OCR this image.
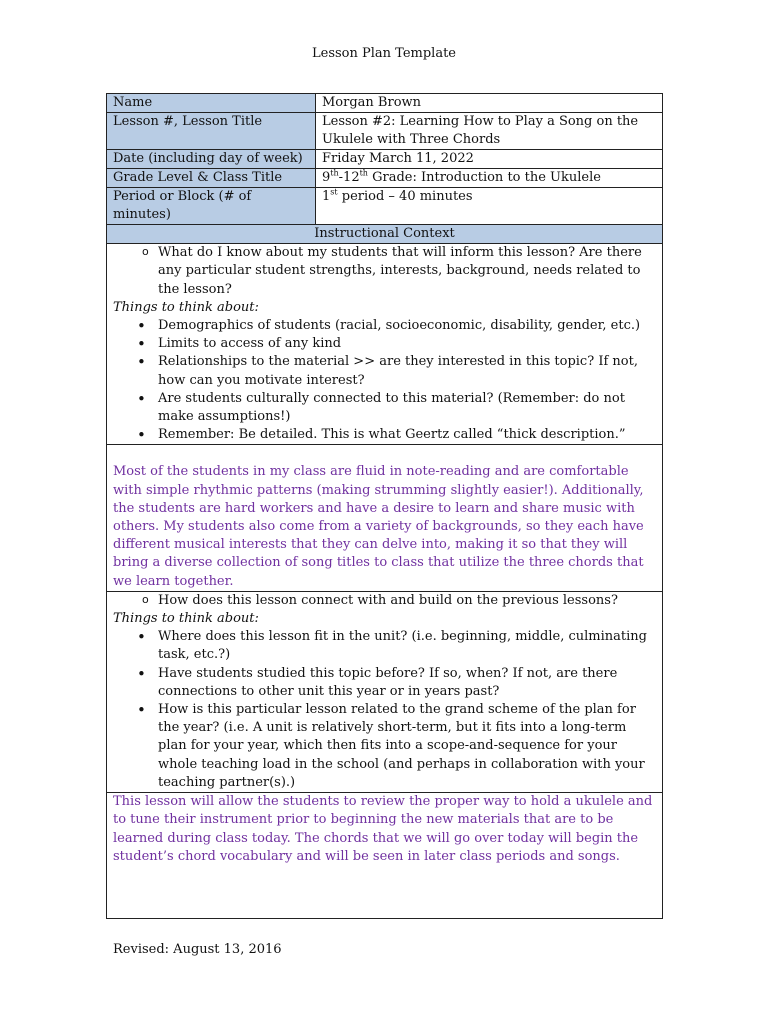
Lesson Plan Template
Name	Morgan Brown
Lesson #, Lesson Title	Lesson #2: Learning How to Play a Song on the Ukulele with Three Chords
Date (including day of week)	Friday March 11, 2022
Grade Level & Class Title	9th-12th Grade: Introduction to the Ukulele
Period or Block (# of minutes)	1st period – 40 minutes
Instructional Context

o What do I know about my students that will inform this lesson? Are there any particular student strengths, interests, background, needs related to the lesson?
Things to think about:
• Demographics of students (racial, socioeconomic, disability, gender, etc.)
• Limits to access of any kind
• Relationships to the material >> are they interested in this topic? If not, how can you motivate interest?
• Are students culturally connected to this material? (Remember: do not make assumptions!)
• Remember: Be detailed. This is what Geertz called “thick description.”

Most of the students in my class are fluid in note-reading and are comfortable with simple rhythmic patterns (making strumming slightly easier!). Additionally, the students are hard workers and have a desire to learn and share music with others. My students also come from a variety of backgrounds, so they each have different musical interests that they can delve into, making it so that they will bring a diverse collection of song titles to class that utilize the three chords that we learn together.

o How does this lesson connect with and build on the previous lessons?
Things to think about:
• Where does this lesson fit in the unit? (i.e. beginning, middle, culminating task, etc.?)
• Have students studied this topic before? If so, when? If not, are there connections to other unit this year or in years past?
• How is this particular lesson related to the grand scheme of the plan for the year? (i.e. A unit is relatively short-term, but it fits into a long-term plan for your year, which then fits into a scope-and-sequence for your whole teaching load in the school (and perhaps in collaboration with your teaching partner(s).)

This lesson will allow the students to review the proper way to hold a ukulele and to tune their instrument prior to beginning the new materials that are to be learned during class today. The chords that we will go over today will begin the student’s chord vocabulary and will be seen in later class periods and songs.
Revised: August 13, 2016
